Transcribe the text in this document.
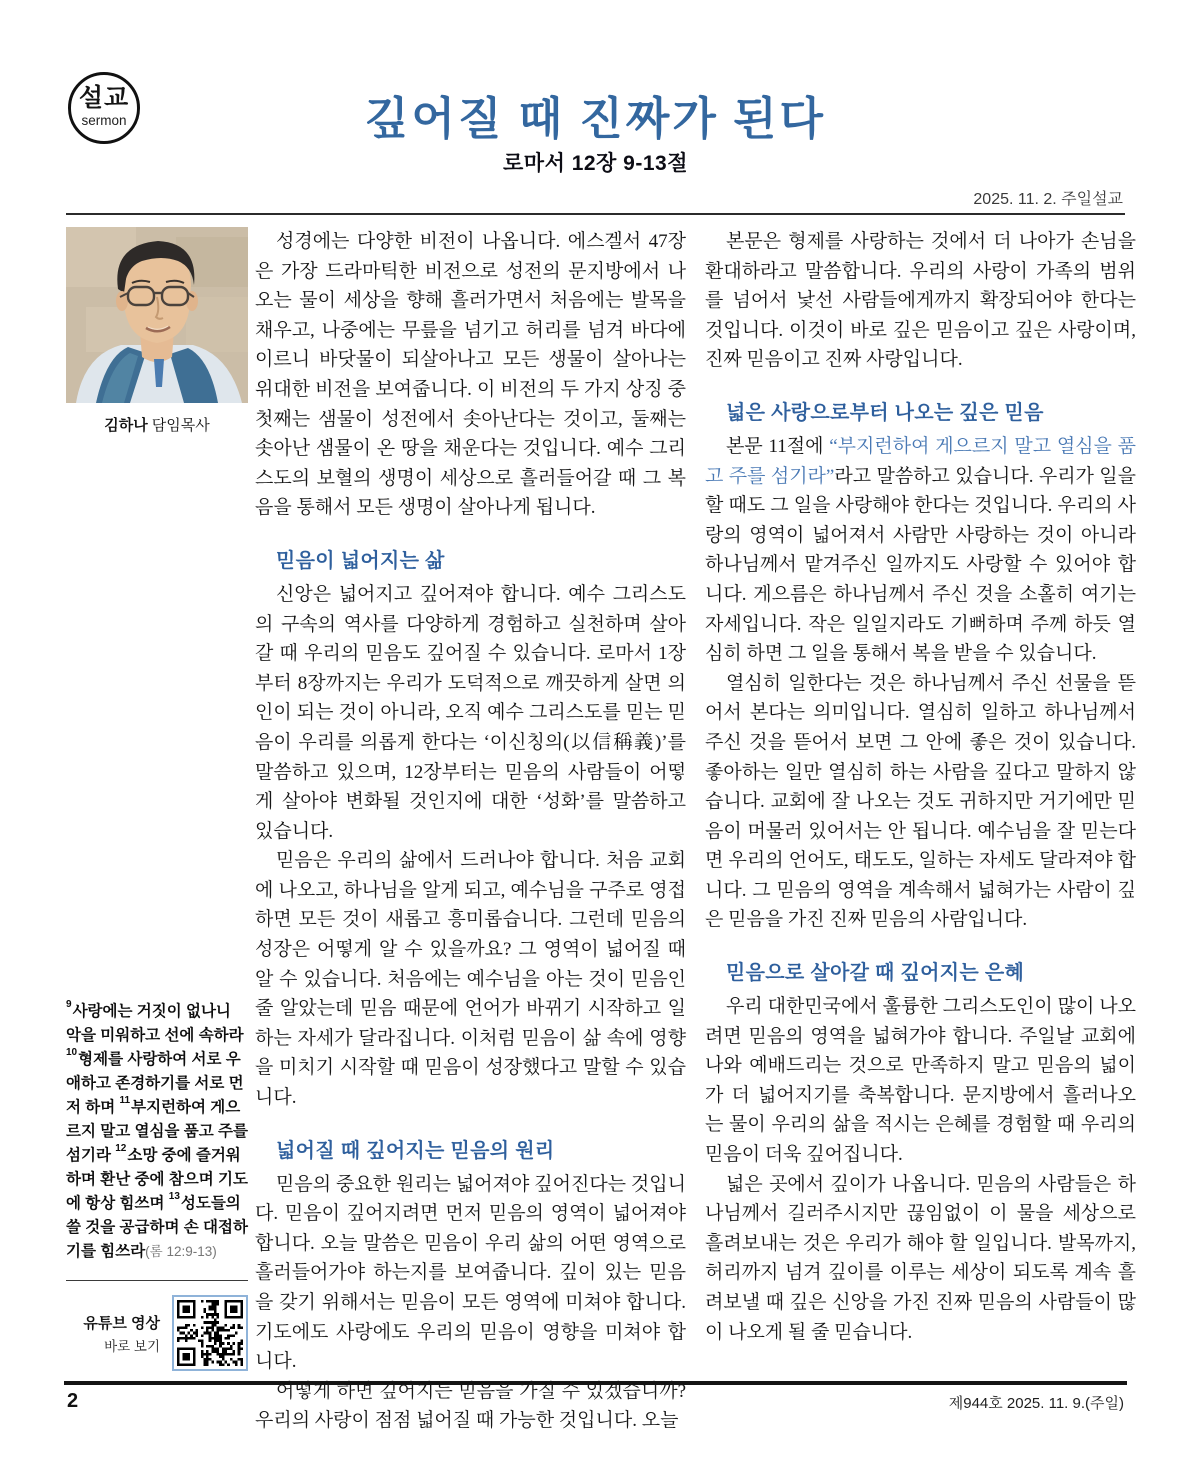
설교
sermon	깊어질 때 진짜가 된다
로마서 12장 9-13절
2025. 11. 2. 주일설교
김하나 담임목사

$^9$사랑에는 거짓이 없나니 악을 미워하고 선에 속하라 $^{10}$형제를 사랑하여 서로 우애하고 존경하기를 서로 먼저 하며 $^{11}$부지런하여 게으르지 말고 열심을 품고 주를 섬기라 $^{12}$소망 중에 즐거워하며 환난 중에 참으며 기도에 항상 힘쓰며 $^{13}$성도들의 쓸 것을 공급하며 손 대접하기를 힘쓰라(롬 12:9-13)

유튜브 영상
바로 보기

성경에는 다양한 비전이 나옵니다. 에스겔서 47장은 가장 드라마틱한 비전으로 성전의 문지방에서 나오는 물이 세상을 향해 흘러가면서 처음에는 발목을 채우고, 나중에는 무릎을 넘기고 허리를 넘겨 바다에 이르니 바닷물이 되살아나고 모든 생물이 살아나는 위대한 비전을 보여줍니다. 이 비전의 두 가지 상징 중 첫째는 샘물이 성전에서 솟아난다는 것이고, 둘째는 솟아난 샘물이 온 땅을 채운다는 것입니다. 예수 그리스도의 보혈의 생명이 세상으로 흘러들어갈 때 그 복음을 통해서 모든 생명이 살아나게 됩니다.

믿음이 넓어지는 삶

신앙은 넓어지고 깊어져야 합니다. 예수 그리스도의 구속의 역사를 다양하게 경험하고 실천하며 살아갈 때 우리의 믿음도 깊어질 수 있습니다. 로마서 1장부터 8장까지는 우리가 도덕적으로 깨끗하게 살면 의인이 되는 것이 아니라, 오직 예수 그리스도를 믿는 믿음이 우리를 의롭게 한다는 ‘이신칭의(以信稱義)’를 말씀하고 있으며, 12장부터는 믿음의 사람들이 어떻게 살아야 변화될 것인지에 대한 ‘성화’를 말씀하고 있습니다.

믿음은 우리의 삶에서 드러나야 합니다. 처음 교회에 나오고, 하나님을 알게 되고, 예수님을 구주로 영접하면 모든 것이 새롭고 흥미롭습니다. 그런데 믿음의 성장은 어떻게 알 수 있을까요? 그 영역이 넓어질 때 알 수 있습니다. 처음에는 예수님을 아는 것이 믿음인 줄 알았는데 믿음 때문에 언어가 바뀌기 시작하고 일하는 자세가 달라집니다. 이처럼 믿음이 삶 속에 영향을 미치기 시작할 때 믿음이 성장했다고 말할 수 있습니다.

넓어질 때 깊어지는 믿음의 원리

믿음의 중요한 원리는 넓어져야 깊어진다는 것입니다. 믿음이 깊어지려면 먼저 믿음의 영역이 넓어져야 합니다. 오늘 말씀은 믿음이 우리 삶의 어떤 영역으로 흘러들어가야 하는지를 보여줍니다. 깊이 있는 믿음을 갖기 위해서는 믿음이 모든 영역에 미쳐야 합니다. 기도에도 사랑에도 우리의 믿음이 영향을 미쳐야 합니다.

어떻게 하면 깊어지는 믿음을 가질 수 있겠습니까? 우리의 사랑이 점점 넓어질 때 가능한 것입니다. 오늘

본문은 형제를 사랑하는 것에서 더 나아가 손님을 환대하라고 말씀합니다. 우리의 사랑이 가족의 범위를 넘어서 낯선 사람들에게까지 확장되어야 한다는 것입니다. 이것이 바로 깊은 믿음이고 깊은 사랑이며, 진짜 믿음이고 진짜 사랑입니다.

넓은 사랑으로부터 나오는 깊은 믿음

본문 11절에 “부지런하여 게으르지 말고 열심을 품고 주를 섬기라”라고 말씀하고 있습니다. 우리가 일을 할 때도 그 일을 사랑해야 한다는 것입니다. 우리의 사랑의 영역이 넓어져서 사람만 사랑하는 것이 아니라 하나님께서 맡겨주신 일까지도 사랑할 수 있어야 합니다. 게으름은 하나님께서 주신 것을 소홀히 여기는 자세입니다. 작은 일일지라도 기뻐하며 주께 하듯 열심히 하면 그 일을 통해서 복을 받을 수 있습니다.

열심히 일한다는 것은 하나님께서 주신 선물을 뜯어서 본다는 의미입니다. 열심히 일하고 하나님께서 주신 것을 뜯어서 보면 그 안에 좋은 것이 있습니다. 좋아하는 일만 열심히 하는 사람을 깊다고 말하지 않습니다. 교회에 잘 나오는 것도 귀하지만 거기에만 믿음이 머물러 있어서는 안 됩니다. 예수님을 잘 믿는다면 우리의 언어도, 태도도, 일하는 자세도 달라져야 합니다. 그 믿음의 영역을 계속해서 넓혀가는 사람이 깊은 믿음을 가진 진짜 믿음의 사람입니다.

믿음으로 살아갈 때 깊어지는 은혜

우리 대한민국에서 훌륭한 그리스도인이 많이 나오려면 믿음의 영역을 넓혀가야 합니다. 주일날 교회에 나와 예배드리는 것으로 만족하지 말고 믿음의 넓이가 더 넓어지기를 축복합니다. 문지방에서 흘러나오는 물이 우리의 삶을 적시는 은혜를 경험할 때 우리의 믿음이 더욱 깊어집니다.

넓은 곳에서 깊이가 나옵니다. 믿음의 사람들은 하나님께서 길러주시지만 끊임없이 이 물을 세상으로 흘려보내는 것은 우리가 해야 할 일입니다. 발목까지, 허리까지 넘겨 깊이를 이루는 세상이 되도록 계속 흘려보낼 때 깊은 신앙을 가진 진짜 믿음의 사람들이 많이 나오게 될 줄 믿습니다.

2	제944호 2025. 11. 9.(주일)
